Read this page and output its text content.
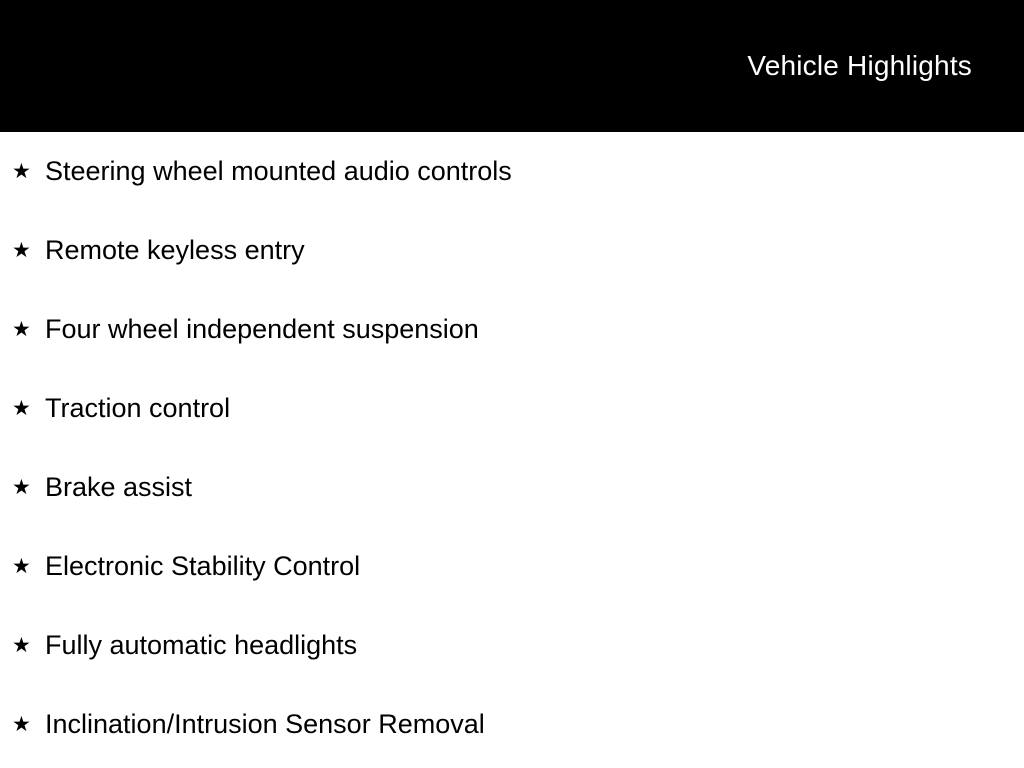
Vehicle Highlights
★ Steering wheel mounted audio controls
★ Remote keyless entry
★ Four wheel independent suspension
★ Traction control
★ Brake assist
★ Electronic Stability Control
★ Fully automatic headlights
★ Inclination/Intrusion Sensor Removal
